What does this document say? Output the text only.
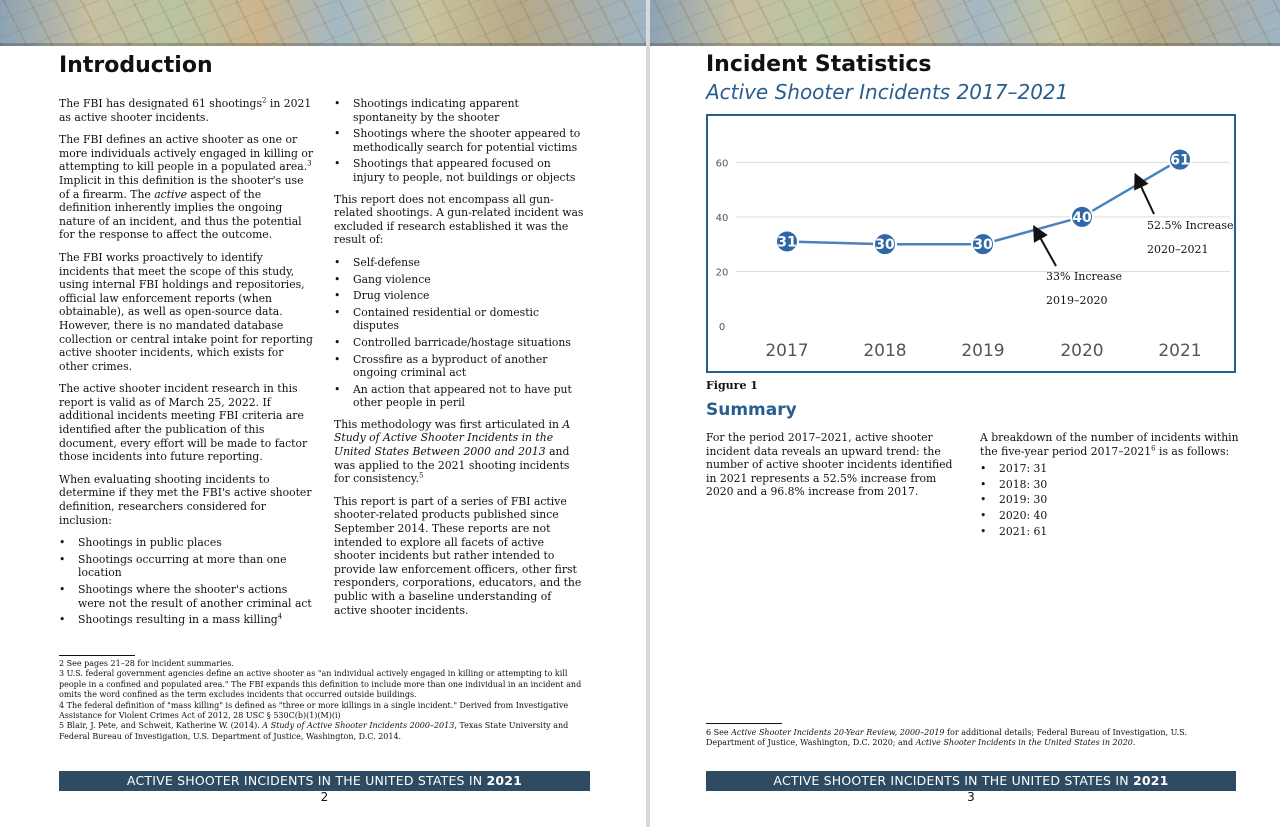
Introduction

The FBI has designated 61 shootings$^2$ in 2021 as active shooter incidents.

The FBI defines an active shooter as one or more individuals actively engaged in killing or attempting to kill people in a populated area.$^3$ Implicit in this definition is the shooter's use of a firearm. The active aspect of the definition inherently implies the ongoing nature of an incident, and thus the potential for the response to affect the outcome.

The FBI works proactively to identify incidents that meet the scope of this study, using internal FBI holdings and repositories, official law enforcement reports (when obtainable), as well as open-source data. However, there is no mandated database collection or central intake point for reporting active shooter incidents, which exists for other crimes.

The active shooter incident research in this report is valid as of March 25, 2022. If additional incidents meeting FBI criteria are identified after the publication of this document, every effort will be made to factor those incidents into future reporting.

When evaluating shooting incidents to determine if they met the FBI's active shooter definition, researchers considered for inclusion:

• Shootings in public places
• Shootings occurring at more than one location
• Shootings where the shooter's actions were not the result of another criminal act
• Shootings resulting in a mass killing$^4$
• Shootings indicating apparent spontaneity by the shooter
• Shootings where the shooter appeared to methodically search for potential victims
• Shootings that appeared focused on injury to people, not buildings or objects

This report does not encompass all gun-related shootings. A gun-related incident was excluded if research established it was the result of:

• Self-defense
• Gang violence
• Drug violence
• Contained residential or domestic disputes
• Controlled barricade/hostage situations
• Crossfire as a byproduct of another ongoing criminal act
• An action that appeared not to have put other people in peril

This methodology was first articulated in A Study of Active Shooter Incidents in the United States Between 2000 and 2013 and was applied to the 2021 shooting incidents for consistency.$^5$

This report is part of a series of FBI active shooter-related products published since September 2014. These reports are not intended to explore all facets of active shooter incidents but rather intended to provide law enforcement officers, other first responders, corporations, educators, and the public with a baseline understanding of active shooter incidents.

2 See pages 21–28 for incident summaries.
3 U.S. federal government agencies define an active shooter as "an individual actively engaged in killing or attempting to kill people in a confined and populated area." The FBI expands this definition to include more than one individual in an incident and omits the word confined as the term excludes incidents that occurred outside buildings.
4 The federal definition of "mass killing" is defined as "three or more killings in a single incident." Derived from Investigative Assistance for Violent Crimes Act of 2012, 28 USC § 530C(b)(1)(M)(i)
5 Blair, J. Pete, and Schweit, Katherine W. (2014). A Study of Active Shooter Incidents 2000–2013, Texas State University and Federal Bureau of Investigation, U.S. Department of Justice, Washington, D.C. 2014.
ACTIVE SHOOTER INCIDENTS IN THE UNITED STATES IN 2021
2
Incident Statistics
Active Shooter Incidents 2017–2021
0
20
40
60
2017	2018	2019	2020	2021
31	30	30
40
61
33% Increase
2019–2020
52.5% Increase
2020–2021
Figure 1
Summary

For the period 2017–2021, active shooter incident data reveals an upward trend: the number of active shooter incidents identified in 2021 represents a 52.5% increase from 2020 and a 96.8% increase from 2017.

A breakdown of the number of incidents within the five-year period 2017–2021$^6$ is as follows:

• 2017: 31
• 2018: 30
• 2019: 30
• 2020: 40
• 2021: 61
6 See Active Shooter Incidents 20-Year Review, 2000–2019 for additional details; Federal Bureau of Investigation, U.S. Department of Justice, Washington, D.C. 2020; and Active Shooter Incidents in the United States in 2020.
ACTIVE SHOOTER INCIDENTS IN THE UNITED STATES IN 2021
3
